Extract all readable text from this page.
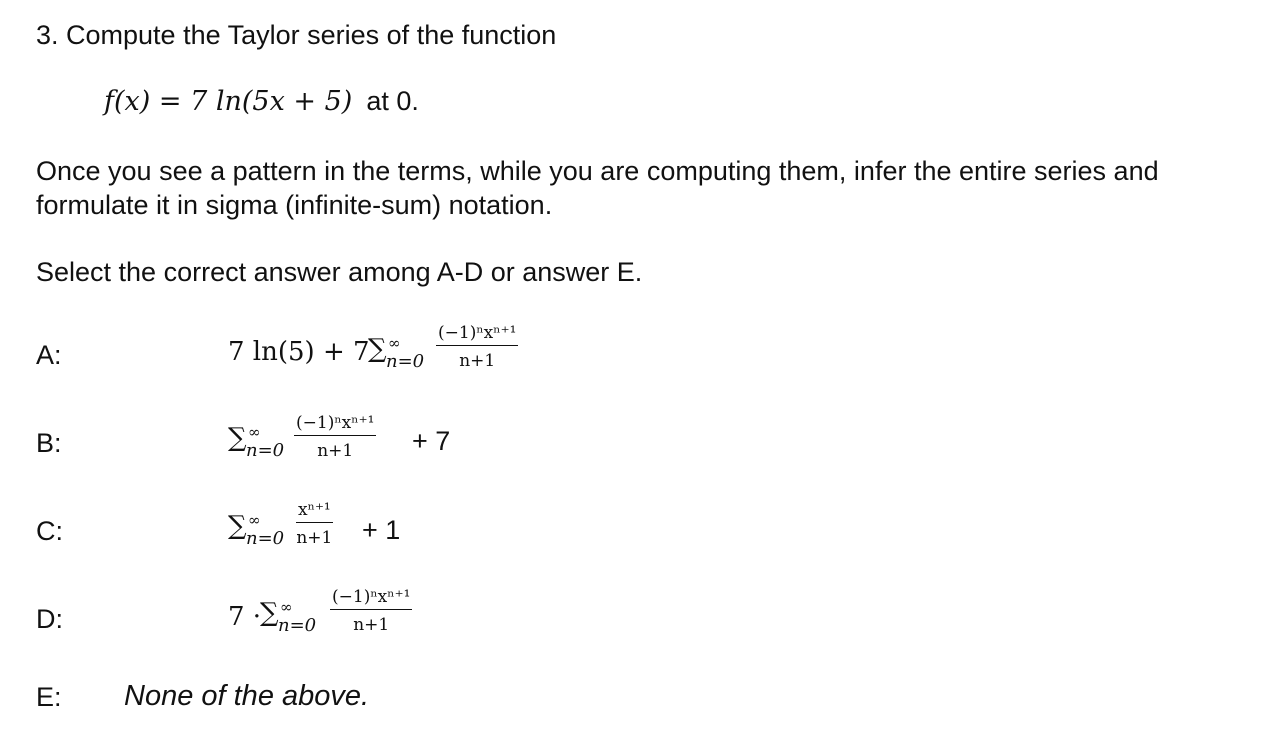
3. Compute the Taylor series of the function
f(x) = 7 ln(5x + 5) at 0.
Once you see a pattern in the terms, while you are computing them, infer the entire series and
formulate it in sigma (infinite-sum) notation.
Select the correct answer among A-D or answer E.
A:	7 ln(5) + 7
∑ ∞
n=0
(−1)ⁿxⁿ⁺¹
n+1
B:	∑ ∞
n=0
(−1)ⁿxⁿ⁺¹
n+1 + 7
C:	∑ ∞
$n=0 \frac{\text{xⁿ⁺¹}}{n+1} + 1$
D:	7 ·
∑ ∞
n=0
(−1)ⁿxⁿ⁺¹
n+1
E: None of the above.
